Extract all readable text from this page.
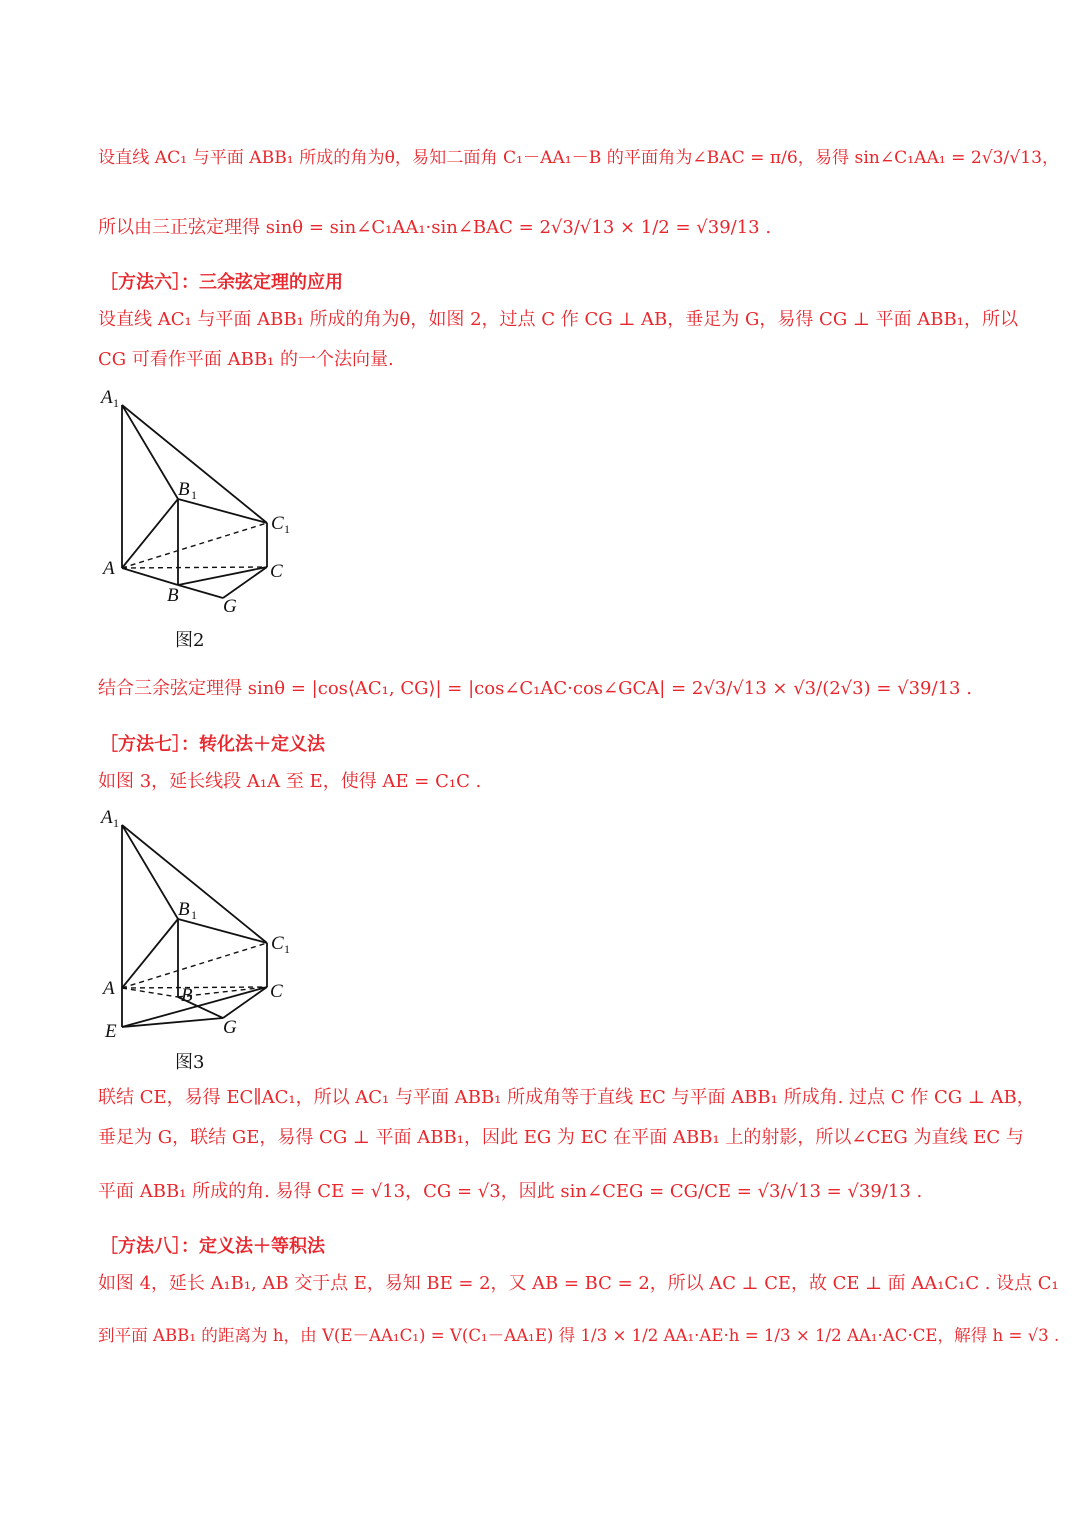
设直线 AC₁ 与平面 ABB₁ 所成的角为θ，易知二面角 C₁－AA₁－B 的平面角为∠BAC = π/6，易得 sin∠C₁AA₁ = 2√3/√13，
所以由三正弦定理得 sinθ = sin∠C₁AA₁·sin∠BAC = 2√3/√13 × 1/2 = √39/13 .
［方法六］：三余弦定理的应用
设直线 AC₁ 与平面 ABB₁ 所成的角为θ，如图 2，过点 C 作 CG ⊥ AB，垂足为 G，易得 CG ⊥ 平面 ABB₁，所以
CG 可看作平面 ABB₁ 的一个法向量.
A 1
B 1
C 1
A	C
B
G
图2
结合三余弦定理得 sinθ = |cos⟨AC₁, CG⟩| = |cos∠C₁AC·cos∠GCA| = 2√3/√13 × √3/(2√3) = √39/13 .
［方法七］：转化法＋定义法
如图 3，延长线段 A₁A 至 E，使得 AE = C₁C .
A 1
B 1
C 1
A	B	C
G
E
图3
联结 CE，易得 EC∥AC₁，所以 AC₁ 与平面 ABB₁ 所成角等于直线 EC 与平面 ABB₁ 所成角. 过点 C 作 CG ⊥ AB，
垂足为 G，联结 GE，易得 CG ⊥ 平面 ABB₁，因此 EG 为 EC 在平面 ABB₁ 上的射影，所以∠CEG 为直线 EC 与
平面 ABB₁ 所成的角. 易得 CE = √13，CG = √3，因此 sin∠CEG = CG/CE = √3/√13 = √39/13 .
［方法八］：定义法＋等积法
如图 4，延长 A₁B₁, AB 交于点 E，易知 BE = 2，又 AB = BC = 2，所以 AC ⊥ CE，故 CE ⊥ 面 AA₁C₁C . 设点 C₁
到平面 ABB₁ 的距离为 h，由 V(E－AA₁C₁) = V(C₁－AA₁E) 得 1/3 × 1/2 AA₁·AE·h = 1/3 × 1/2 AA₁·AC·CE，解得 h = √3 .
